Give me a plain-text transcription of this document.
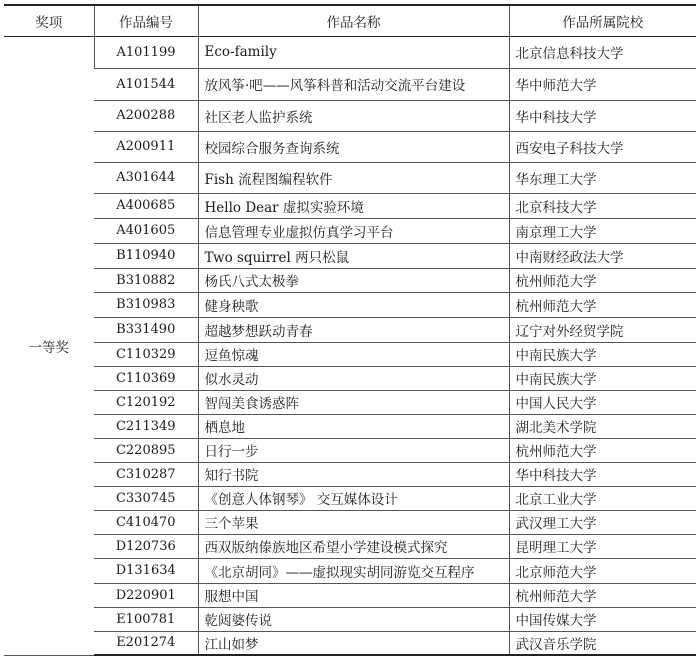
奖项	作品编号	作品名称	作品所属院校
一等奖	A101199	Eco-family	北京信息科技大学
	A101544	放风筝·吧——风筝科普和活动交流平台建设	华中师范大学
	A200288	社区老人监护系统	华中科技大学
	A200911	校园综合服务查询系统	西安电子科技大学
	A301644	Fish 流程图编程软件	华东理工大学
	A400685	Hello Dear 虚拟实验环境	北京科技大学
	A401605	信息管理专业虚拟仿真学习平台	南京理工大学
	B110940	Two squirrel 两只松鼠	中南财经政法大学
	B310882	杨氏八式太极拳	杭州师范大学
	B310983	健身秧歌	杭州师范大学
	B331490	超越梦想跃动青春	辽宁对外经贸学院
	C110329	逗鱼惊魂	中南民族大学
	C110369	似水灵动	中南民族大学
	C120192	智闯美食诱惑阵	中国人民大学
	C211349	栖息地	湖北美术学院
	C220895	日行一步	杭州师范大学
	C310287	知行书院	华中科技大学
	C330745	《创意人体钢琴》 交互媒体设计	北京工业大学
	C410470	三个苹果	武汉理工大学
	D120736	西双版纳傣族地区希望小学建设模式探究	昆明理工大学
	D131634	《北京胡同》——虚拟现实胡同游览交互程序	北京师范大学
	D220901	服想中国	杭州师范大学
	E100781	乾闼婆传说	中国传媒大学
	E201274	江山如梦	武汉音乐学院
